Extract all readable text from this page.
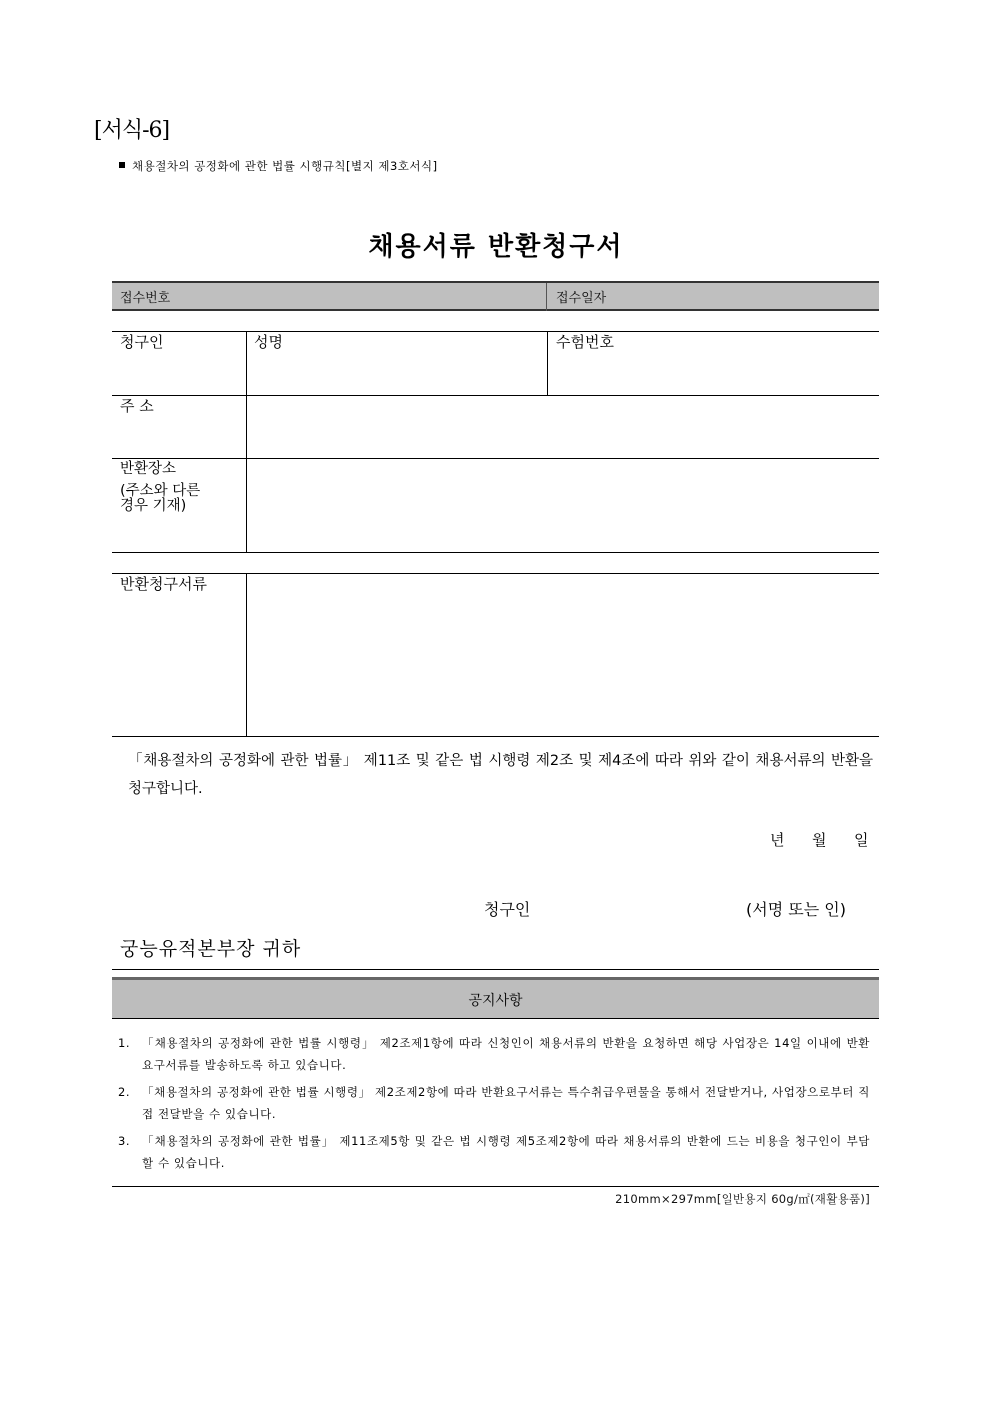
[서식-6]
채용절차의 공정화에 관한 법률 시행규칙[별지 제3호서식]
채용서류 반환청구서
접수번호	접수일자
청구인	성명	수험번호
주 소
반환장소
(주소와 다른
경우 기재)
반환청구서류
「채용절차의 공정화에 관한 법률」 제11조 및 같은 법 시행령 제2조 및 제4조에 따라 위와 같이 채용서류의 반환을 청구합니다.
년 월 일
청구인	(서명 또는 인)
궁능유적본부장 귀하
공지사항
1. 「채용절차의 공정화에 관한 법률 시행령」 제2조제1항에 따라 신청인이 채용서류의 반환을 요청하면 해당 사업장은 14일 이내에 반환요구서류를 발송하도록 하고 있습니다.
2. 「채용절차의 공정화에 관한 법률 시행령」 제2조제2항에 따라 반환요구서류는 특수취급우편물을 통해서 전달받거나, 사업장으로부터 직접 전달받을 수 있습니다.
3. 「채용절차의 공정화에 관한 법률」 제11조제5항 및 같은 법 시행령 제5조제2항에 따라 채용서류의 반환에 드는 비용을 청구인이 부담할 수 있습니다.
210mm×297mm[일반용지 60g/㎡(재활용품)]
